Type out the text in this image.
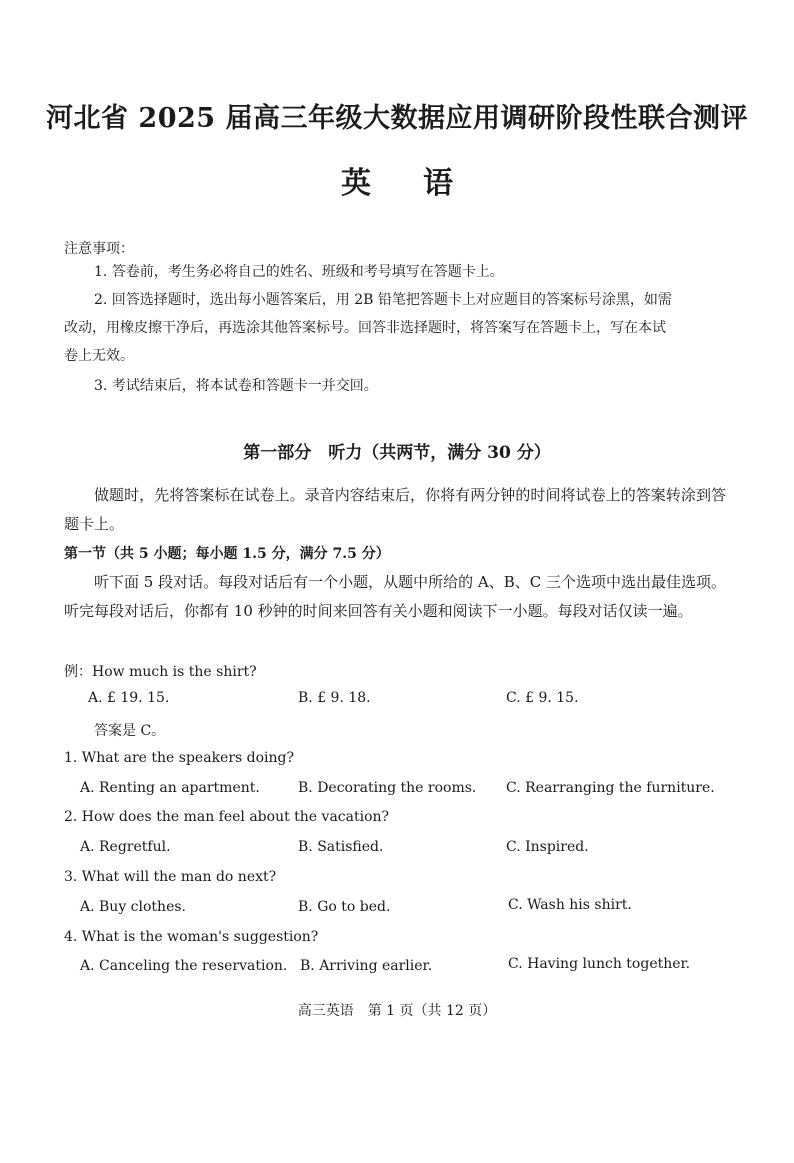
河北省 2025 届高三年级大数据应用调研阶段性联合测评
英 语
注意事项：
1. 答卷前，考生务必将自己的姓名、班级和考号填写在答题卡上。
2. 回答选择题时，选出每小题答案后，用 2B 铅笔把答题卡上对应题目的答案标号涂黑，如需
改动，用橡皮擦干净后，再选涂其他答案标号。回答非选择题时，将答案写在答题卡上，写在本试
卷上无效。
3. 考试结束后，将本试卷和答题卡一并交回。
第一部分　听力（共两节，满分 30 分）
做题时，先将答案标在试卷上。录音内容结束后，你将有两分钟的时间将试卷上的答案转涂到答题卡上。
第一节（共 5 小题；每小题 1.5 分，满分 7.5 分）
听下面 5 段对话。每段对话后有一个小题，从题中所给的 A、B、C 三个选项中选出最佳选项。听完每段对话后，你都有 10 秒钟的时间来回答有关小题和阅读下一小题。每段对话仅读一遍。
例：How much is the shirt?
A. £ 19. 15.	B. £ 9. 18.	C. £ 9. 15.
答案是 C。
1. What are the speakers doing?
A. Renting an apartment.	B. Decorating the rooms. C. Rearranging the furniture.
2. How does the man feel about the vacation?
A. Regretful.	B. Satisfied.	C. Inspired.
3. What will the man do next?
A. Buy clothes.	B. Go to bed.	C. Wash his shirt.
4. What is the woman's suggestion?
A. Canceling the reservation. B. Arriving earlier.	C. Having lunch together.
高三英语　第 1 页（共 12 页）
